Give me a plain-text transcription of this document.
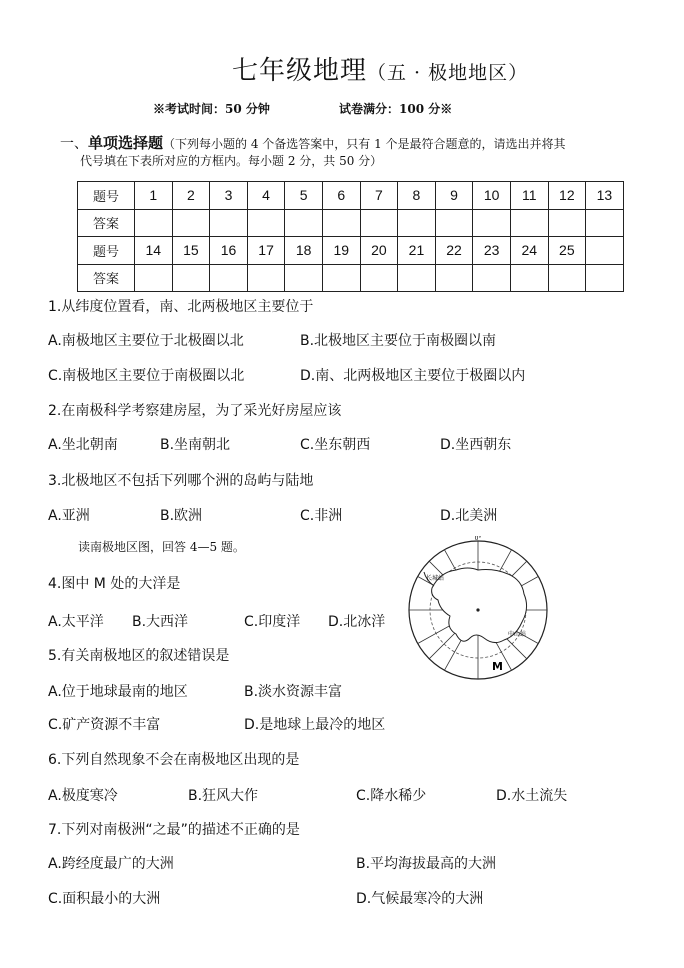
七年级地理（五 · 极地地区）
※考试时间：50 分钟	试卷满分：100 分※
一、单项选择题（下列每小题的 4 个备选答案中，只有 1 个是最符合题意的，请选出并将其
代号填在下表所对应的方框内。每小题 2 分，共 50 分）
题号	1	2	3	4	5	6	7	8	9	10	11	12	13
答案													
题号	14	15	16	17	18	19	20	21	22	23	24	25	
答案													
1.从纬度位置看，南、北两极地区主要位于
A.南极地区主要位于北极圈以北	B.北极地区主要位于南极圈以南
C.南极地区主要位于南极圈以北	D.南、北两极地区主要位于极圈以内
2.在南极科学考察建房屋，为了采光好房屋应该
A.坐北朝南	B.坐南朝北	C.坐东朝西	D.坐西朝东
3.北极地区不包括下列哪个洲的岛屿与陆地
A.亚洲	B.欧洲	C.非洲	D.北美洲
读南极地区图，回答 4—5 题。
4.图中 M 处的大洋是
A.太平洋 B.大西洋	C.印度洋 D.北冰洋
5.有关南极地区的叙述错误是
A.位于地球最南的地区	B.淡水资源丰富
C.矿产资源不丰富	D.是地球上最冷的地区
6.下列自然现象不会在南极地区出现的是
A.极度寒冷	B.狂风大作	C.降水稀少	D.水土流失
7.下列对南极洲“之最”的描述不正确的是
A.跨经度最广的大洲	B.平均海拔最高的大洲
C.面积最小的大洲	D.气候最寒冷的大洲
0°
长城站
中山站
M
